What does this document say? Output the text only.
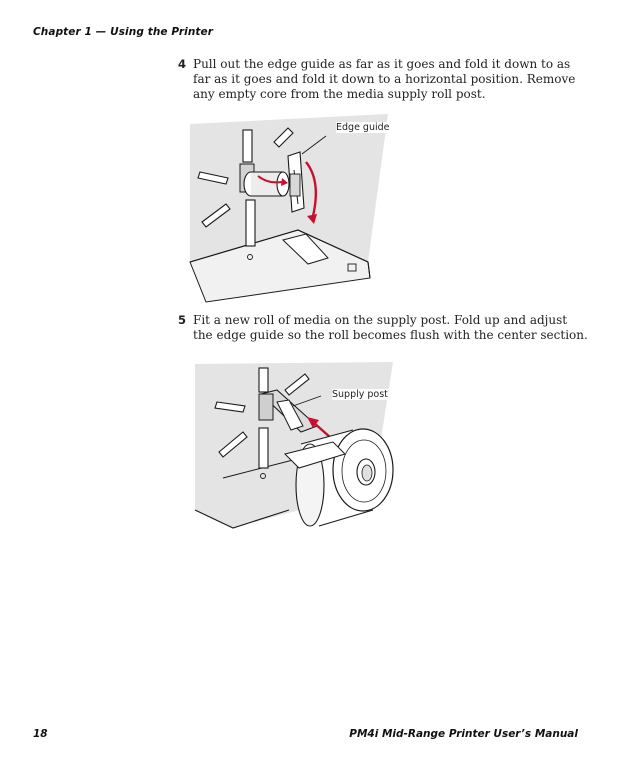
Chapter 1 — Using the Printer
4 Pull out the edge guide as far as it goes and fold it down to as far as it goes and fold it down to a horizontal position. Remove any empty core from the media supply roll post.
Edge guide
5 Fit a new roll of media on the supply post. Fold up and adjust the edge guide so the roll becomes flush with the center section.
Supply post
18	PM4i Mid-Range Printer User’s Manual
